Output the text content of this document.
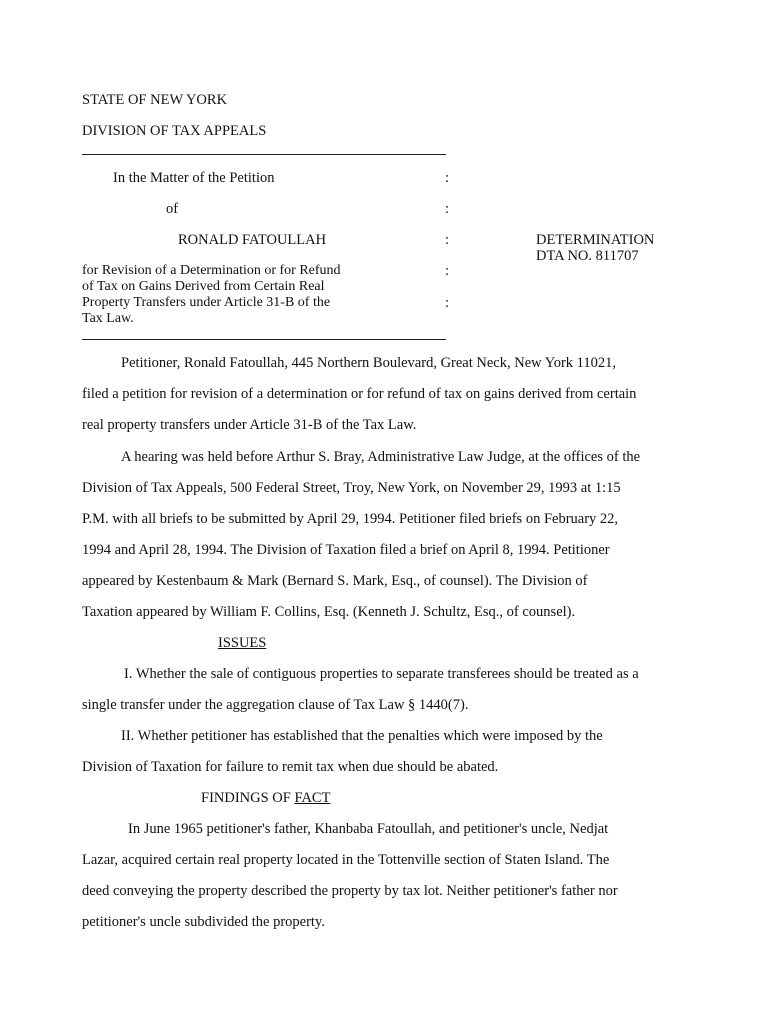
STATE OF NEW YORK

DIVISION OF TAX APPEALS

In the Matter of the Petition	:

of	:

RONALD FATOULLAH	:	DETERMINATION

DTA NO. 811707

for Revision of a Determination or for Refund	:

of Tax on Gains Derived from Certain Real

Property Transfers under Article 31-B of the	:

Tax Law.

Petitioner, Ronald Fatoullah, 445 Northern Boulevard, Great Neck, New York 11021,

filed a petition for revision of a determination or for refund of tax on gains derived from certain

real property transfers under Article 31-B of the Tax Law.

A hearing was held before Arthur S. Bray, Administrative Law Judge, at the offices of the

Division of Tax Appeals, 500 Federal Street, Troy, New York, on November 29, 1993 at 1:15

P.M. with all briefs to be submitted by April 29, 1994. Petitioner filed briefs on February 22,

1994 and April 28, 1994. The Division of Taxation filed a brief on April 8, 1994. Petitioner

appeared by Kestenbaum & Mark (Bernard S. Mark, Esq., of counsel). The Division of

Taxation appeared by William F. Collins, Esq. (Kenneth J. Schultz, Esq., of counsel).

ISSUES

I. Whether the sale of contiguous properties to separate transferees should be treated as a

single transfer under the aggregation clause of Tax Law § 1440(7).

II. Whether petitioner has established that the penalties which were imposed by the

Division of Taxation for failure to remit tax when due should be abated.

FINDINGS OF FACT

In June 1965 petitioner's father, Khanbaba Fatoullah, and petitioner's uncle, Nedjat

Lazar, acquired certain real property located in the Tottenville section of Staten Island. The

deed conveying the property described the property by tax lot. Neither petitioner's father nor

petitioner's uncle subdivided the property.
